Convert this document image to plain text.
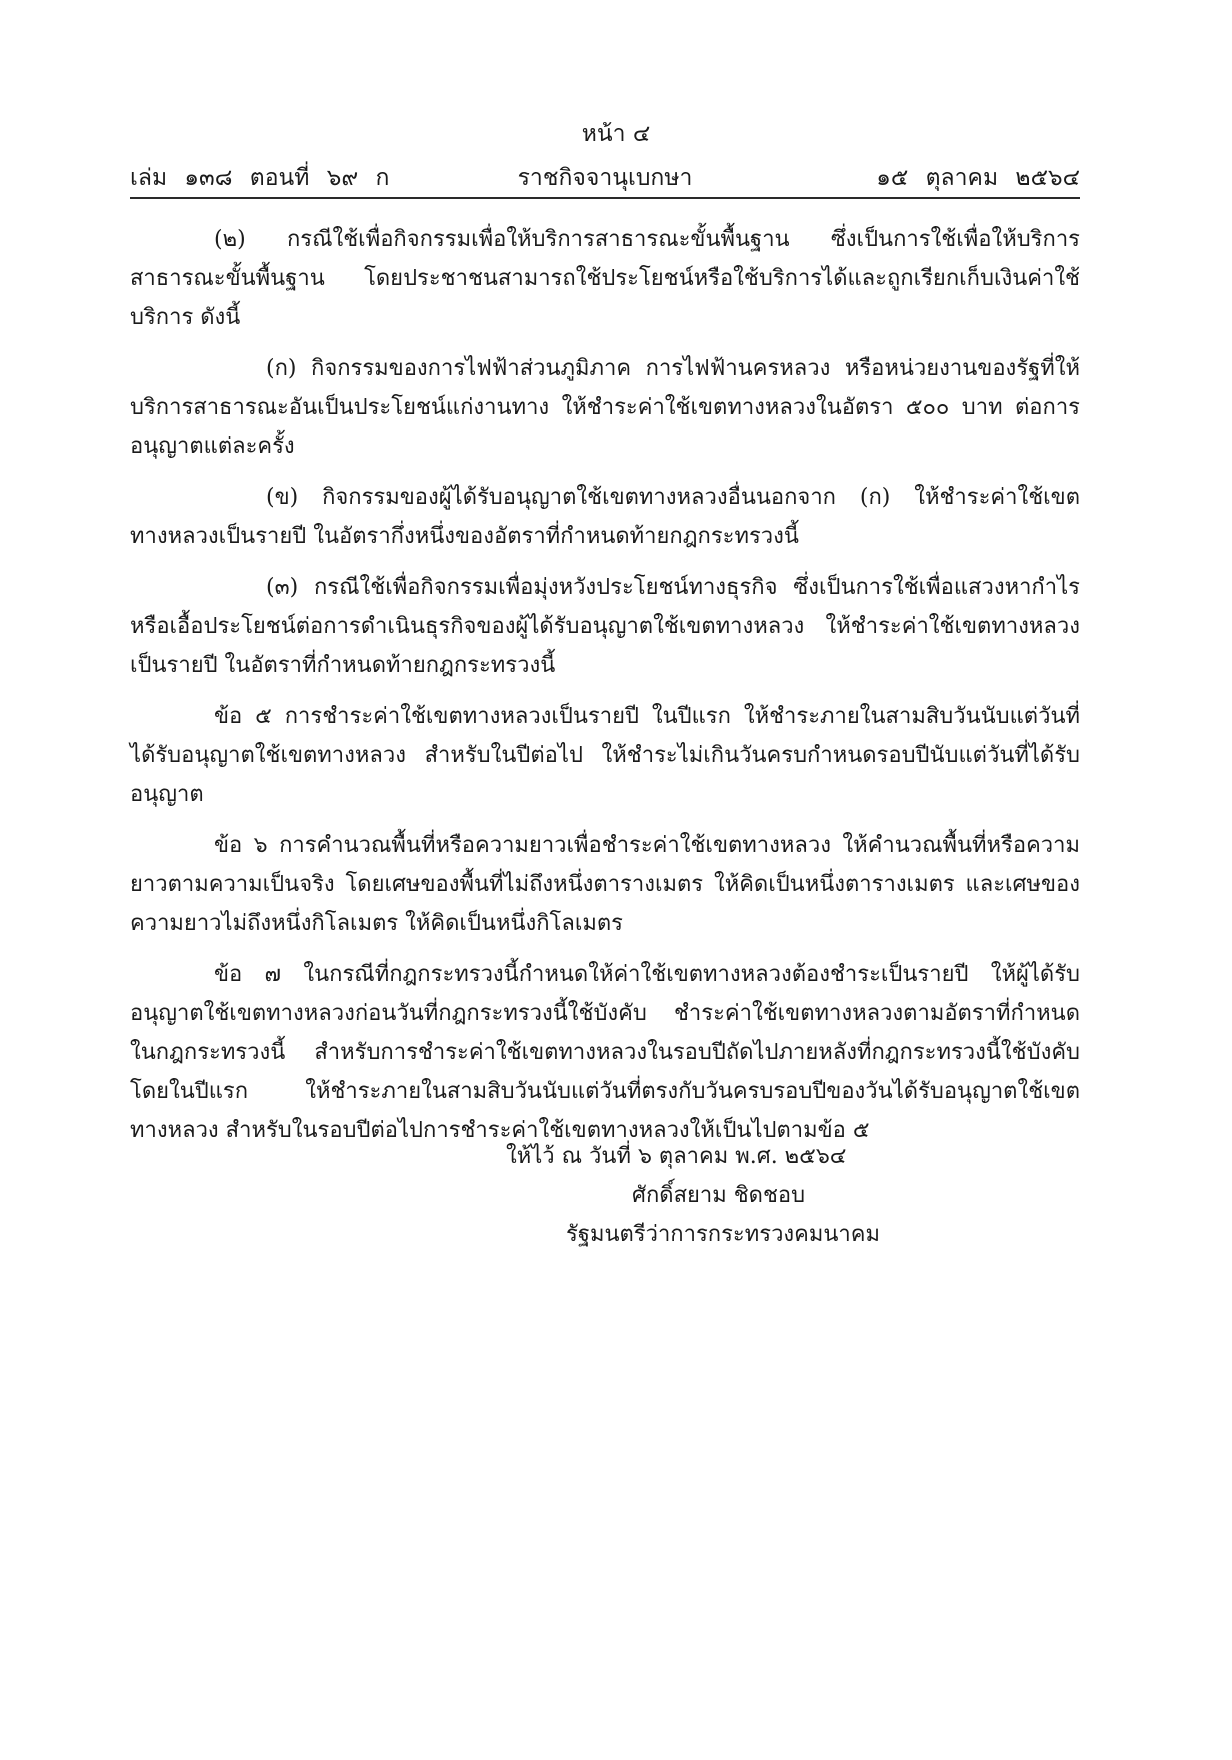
หน้า ๔
ราชกิจจานุเบกษา
เล่ม ๑๓๘ ตอนที่ ๖๙ ก	๑๕ ตุลาคม ๒๕๖๔

(๒) กรณีใช้เพื่อกิจกรรมเพื่อให้บริการสาธารณะขั้นพื้นฐาน ซึ่งเป็นการใช้เพื่อให้บริการสาธารณะขั้นพื้นฐาน โดยประชาชนสามารถใช้ประโยชน์หรือใช้บริการได้และถูกเรียกเก็บเงินค่าใช้บริการ ดังนี้

(ก) กิจกรรมของการไฟฟ้าส่วนภูมิภาค การไฟฟ้านครหลวง หรือหน่วยงานของรัฐที่ให้บริการสาธารณะอันเป็นประโยชน์แก่งานทาง ให้ชำระค่าใช้เขตทางหลวงในอัตรา ๕๐๐ บาท ต่อการอนุญาตแต่ละครั้ง

(ข) กิจกรรมของผู้ได้รับอนุญาตใช้เขตทางหลวงอื่นนอกจาก (ก) ให้ชำระค่าใช้เขตทางหลวงเป็นรายปี ในอัตรากึ่งหนึ่งของอัตราที่กำหนดท้ายกฎกระทรวงนี้

(๓) กรณีใช้เพื่อกิจกรรมเพื่อมุ่งหวังประโยชน์ทางธุรกิจ ซึ่งเป็นการใช้เพื่อแสวงหากำไรหรือเอื้อประโยชน์ต่อการดำเนินธุรกิจของผู้ได้รับอนุญาตใช้เขตทางหลวง ให้ชำระค่าใช้เขตทางหลวงเป็นรายปี ในอัตราที่กำหนดท้ายกฎกระทรวงนี้

ข้อ ๕ การชำระค่าใช้เขตทางหลวงเป็นรายปี ในปีแรก ให้ชำระภายในสามสิบวันนับแต่วันที่ได้รับอนุญาตใช้เขตทางหลวง สำหรับในปีต่อไป ให้ชำระไม่เกินวันครบกำหนดรอบปีนับแต่วันที่ได้รับอนุญาต

ข้อ ๖ การคำนวณพื้นที่หรือความยาวเพื่อชำระค่าใช้เขตทางหลวง ให้คำนวณพื้นที่หรือความยาวตามความเป็นจริง โดยเศษของพื้นที่ไม่ถึงหนึ่งตารางเมตร ให้คิดเป็นหนึ่งตารางเมตร และเศษของความยาวไม่ถึงหนึ่งกิโลเมตร ให้คิดเป็นหนึ่งกิโลเมตร

ข้อ ๗ ในกรณีที่กฎกระทรวงนี้กำหนดให้ค่าใช้เขตทางหลวงต้องชำระเป็นรายปี ให้ผู้ได้รับอนุญาตใช้เขตทางหลวงก่อนวันที่กฎกระทรวงนี้ใช้บังคับ ชำระค่าใช้เขตทางหลวงตามอัตราที่กำหนดในกฎกระทรวงนี้ สำหรับการชำระค่าใช้เขตทางหลวงในรอบปีถัดไปภายหลังที่กฎกระทรวงนี้ใช้บังคับ โดยในปีแรก ให้ชำระภายในสามสิบวันนับแต่วันที่ตรงกับวันครบรอบปีของวันได้รับอนุญาตใช้เขตทางหลวง สำหรับในรอบปีต่อไปการชำระค่าใช้เขตทางหลวงให้เป็นไปตามข้อ ๕

ให้ไว้ ณ วันที่ ๖ ตุลาคม พ.ศ. ๒๕๖๔
ศักดิ์สยาม ชิดชอบ
รัฐมนตรีว่าการกระทรวงคมนาคม
